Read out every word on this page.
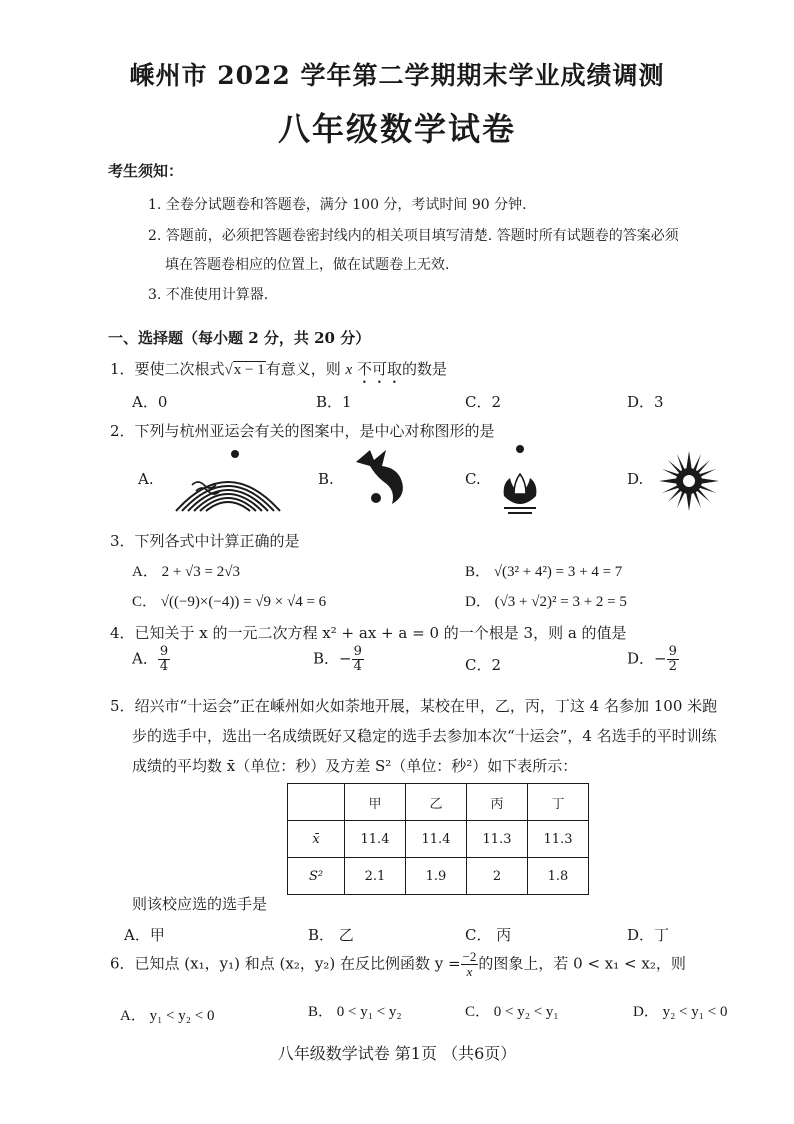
嵊州市 2022 学年第二学期期末学业成绩调测
八年级数学试卷
考生须知：
1. 全卷分试题卷和答题卷，满分 100 分，考试时间 90 分钟.
2. 答题前，必须把答题卷密封线内的相关项目填写清楚. 答题时所有试题卷的答案必须
填在答题卷相应的位置上，做在试题卷上无效.
3. 不准使用计算器.
一、选择题（每小题 2 分，共 20 分）
1．要使二次根式√x − 1有意义，则 x 不可取的数是
A．0	B．1	C．2	D．3
2．下列与杭州亚运会有关的图案中，是中心对称图形的是
A.	B.	C.	D.
3．下列各式中计算正确的是
A． 2 + √3 = 2√3	B． √(3² + 4²) = 3 + 4 = 7
C． √((−9)×(−4)) = √9 × √4 = 6	D． (√3 + √2)² = 3 + 2 = 5
4．已知关于 x 的一元二次方程 x² + ax + a = 0 的一个根是 3，则 a 的值是
A． $\frac{9}{4}$	B．− $\frac{9}{4}$	C．2	D．− $\frac{9}{2}$
5．绍兴市“十运会”正在嵊州如火如荼地开展，某校在甲，乙，丙，丁这 4 名参加 100 米跑
步的选手中，选出一名成绩既好又稳定的选手去参加本次“十运会”，4 名选手的平时训练
成绩的平均数 x̄（单位：秒）及方差 S²（单位：秒²）如下表所示：
	甲	乙	丙	丁
x̄	11.4	11.4	11.3	11.3
S²	2.1	1.9	2	1.8
则该校应选的选手是
A．甲	B． 乙	C． 丙	D．丁
6．已知点 (x₁，y₁) 和点 (x₂，y₂) 在反比例函数 $y = \frac{-2}{x}$ 的图象上，若 0 < x₁ < x₂，则
A． y₁ < y₂ < 0	B． 0 < y₁ < y₂	C． 0 < y₂ < y₁	D． y₂ < y₁ < 0
八年级数学试卷 第1页 （共6页）
